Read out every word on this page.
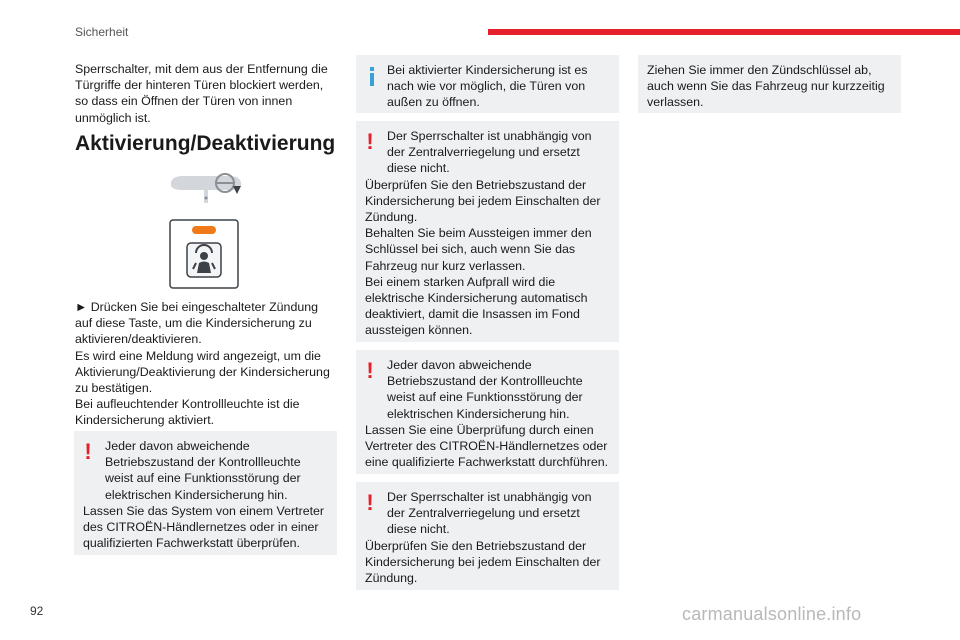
Sicherheit

Sperrschalter, mit dem aus der Entfernung die Türgriffe der hinteren Türen blockiert werden, so dass ein Öffnen der Türen von innen unmöglich ist.

Aktivierung/Deaktivierung

► Drücken Sie bei eingeschalteter Zündung auf diese Taste, um die Kindersicherung zu aktivieren/deaktivieren.

Es wird eine Meldung wird angezeigt, um die Aktivierung/Deaktivierung der Kindersicherung zu bestätigen.

Bei aufleuchtender Kontrollleuchte ist die Kindersicherung aktiviert.

!	Jeder davon abweichende Betriebszustand der Kontrollleuchte weist auf eine Funktionsstörung der elektrischen Kindersicherung hin.

Lassen Sie das System von einem Vertreter des CITROËN-Händlernetzes oder in einer qualifizierten Fachwerkstatt überprüfen.

Bei aktivierter Kindersicherung ist es nach wie vor möglich, die Türen von außen zu öffnen.

!	Der Sperrschalter ist unabhängig von der Zentralverriegelung und ersetzt diese nicht.

Überprüfen Sie den Betriebszustand der Kindersicherung bei jedem Einschalten der Zündung.

Behalten Sie beim Aussteigen immer den Schlüssel bei sich, auch wenn Sie das Fahrzeug nur kurz verlassen.

Bei einem starken Aufprall wird die elektrische Kindersicherung automatisch deaktiviert, damit die Insassen im Fond aussteigen können.

!	Jeder davon abweichende Betriebszustand der Kontrollleuchte weist auf eine Funktionsstörung der elektrischen Kindersicherung hin.

Lassen Sie eine Überprüfung durch einen Vertreter des CITROËN-Händlernetzes oder eine qualifizierte Fachwerkstatt durchführen.

!	Der Sperrschalter ist unabhängig von der Zentralverriegelung und ersetzt diese nicht.

Überprüfen Sie den Betriebszustand der Kindersicherung bei jedem Einschalten der Zündung.

Ziehen Sie immer den Zündschlüssel ab, auch wenn Sie das Fahrzeug nur kurzzeitig verlassen.

92	carmanualsonline.info
